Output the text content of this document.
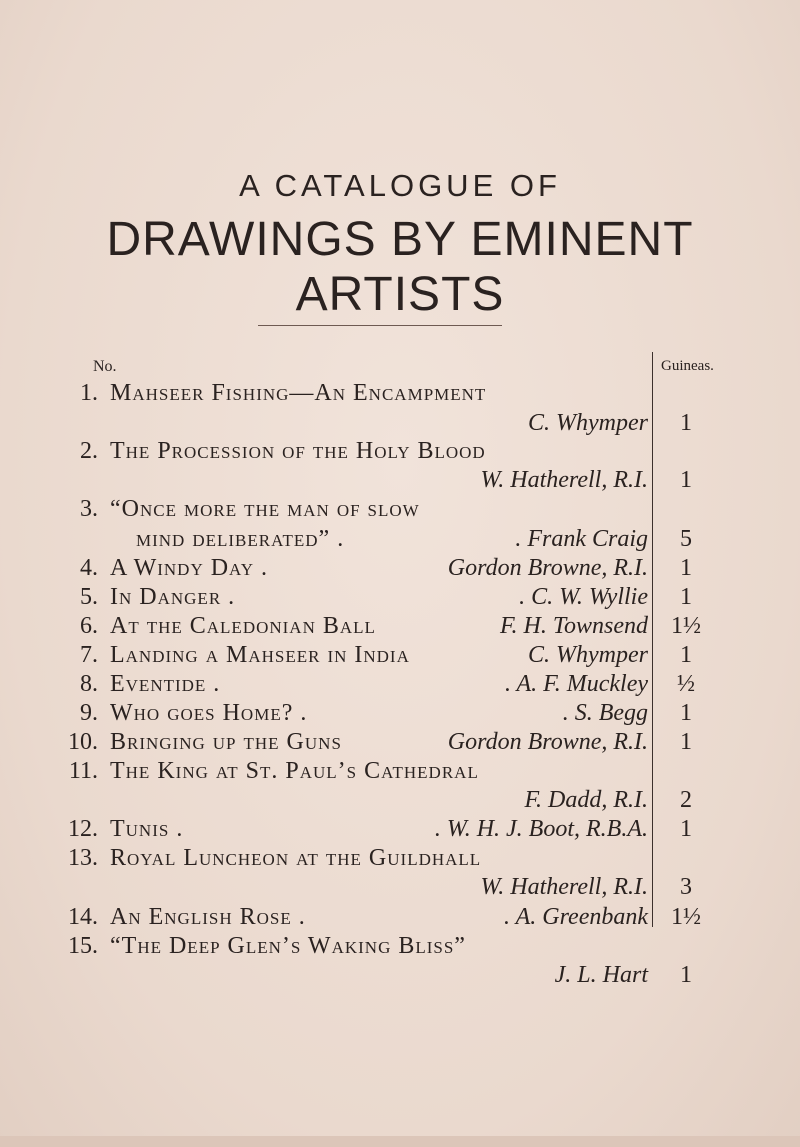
A CATALOGUE OF
DRAWINGS BY EMINENT ARTISTS
No.	Guineas.
1. Mahseer Fishing—An Encampment
C. Whymper	1
2. The Procession of the Holy Blood
W. Hatherell, R.I.	1
3. “Once more the man of slow
mind deliberated” .	. Frank Craig	5
4. A Windy Day .	Gordon Browne, R.I.	1
5. In Danger .	. C. W. Wyllie	1
6. At the Caledonian Ball	F. H. Townsend 1½
7. Landing a Mahseer in India	C. Whymper	1
8. Eventide .	. A. F. Muckley	½
9. Who goes Home? .	. S. Begg	1
10. Bringing up the Guns	Gordon Browne, R.I.	1
11. The King at St. Paul’s Cathedral
F. Dadd, R.I.	2
12. Tunis .	. W. H. J. Boot, R.B.A.	1
13. Royal Luncheon at the Guildhall
W. Hatherell, R.I.	3
14. An English Rose .	. A. Greenbank 1½
15. “The Deep Glen’s Waking Bliss”
J. L. Hart	1
